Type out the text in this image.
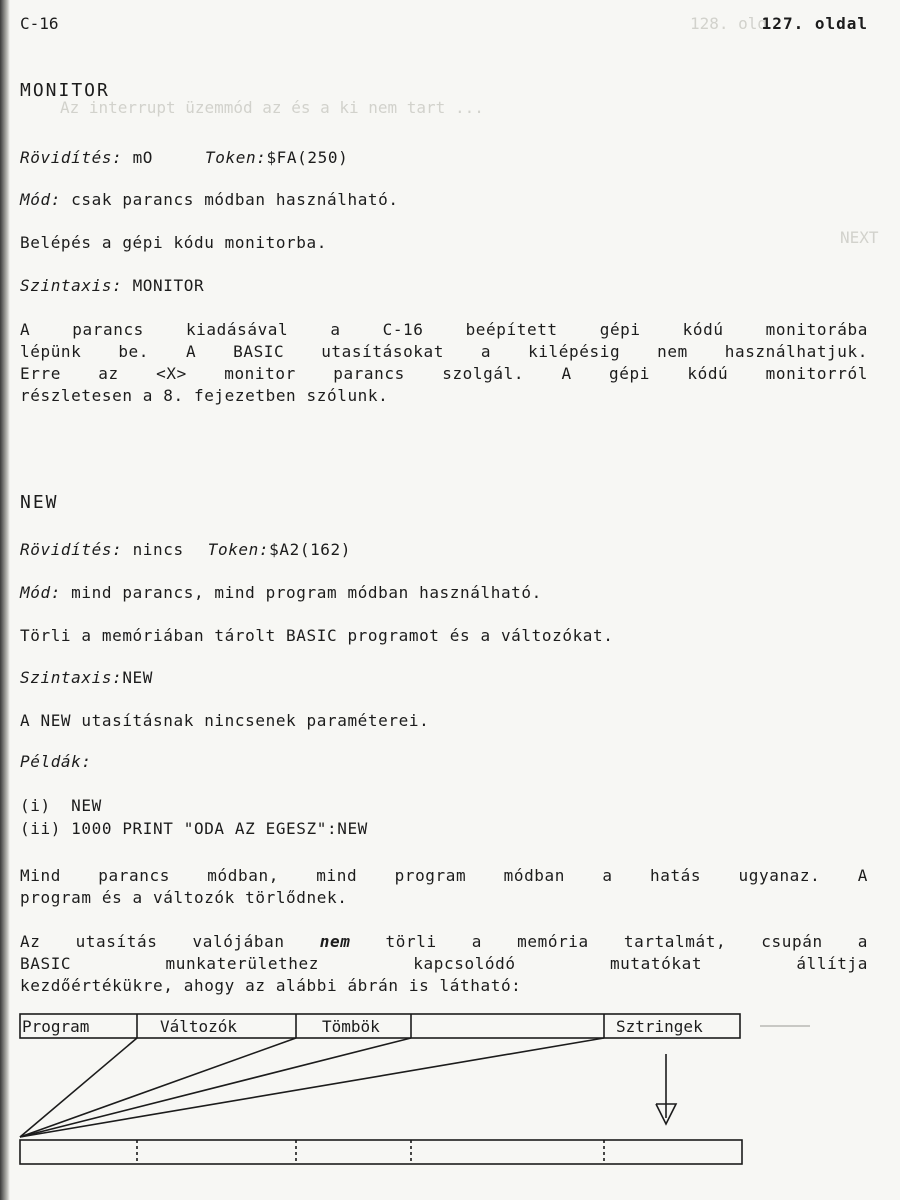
128. old
Az interrupt üzemmód az és a ki nem tart ...
NEXT
C-16	127. oldal
MONITOR
Rövidítés: mO	Token:$FA(250)
Mód: csak parancs módban használható.
Belépés a gépi kódu monitorba.
Szintaxis: MONITOR
A parancs kiadásával a C-16 beépített gépi kódú monitorába
lépünk be. A BASIC utasításokat a kilépésig nem használhatjuk.
Erre az <X> monitor parancs szolgál. A gépi kódú monitorról
részletesen a 8. fejezetben szólunk.
NEW
Rövidítés: nincs Token:$A2(162)
Mód: mind parancs, mind program módban használható.
Törli a memóriában tárolt BASIC programot és a változókat.
Szintaxis:NEW
A NEW utasításnak nincsenek paraméterei.
Példák:
(i)  NEW
(ii) 1000 PRINT "ODA AZ EGESZ":NEW
Mind parancs módban, mind program módban a hatás ugyanaz. A
program és a változók törlődnek.
Az utasítás valójában nem törli a memória tartalmát, csupán a
BASIC munkaterülethez kapcsolódó mutatókat állítja
kezdőértékükre, ahogy az alábbi ábrán is látható:
Program	Változók	Tömbök	Sztringek
